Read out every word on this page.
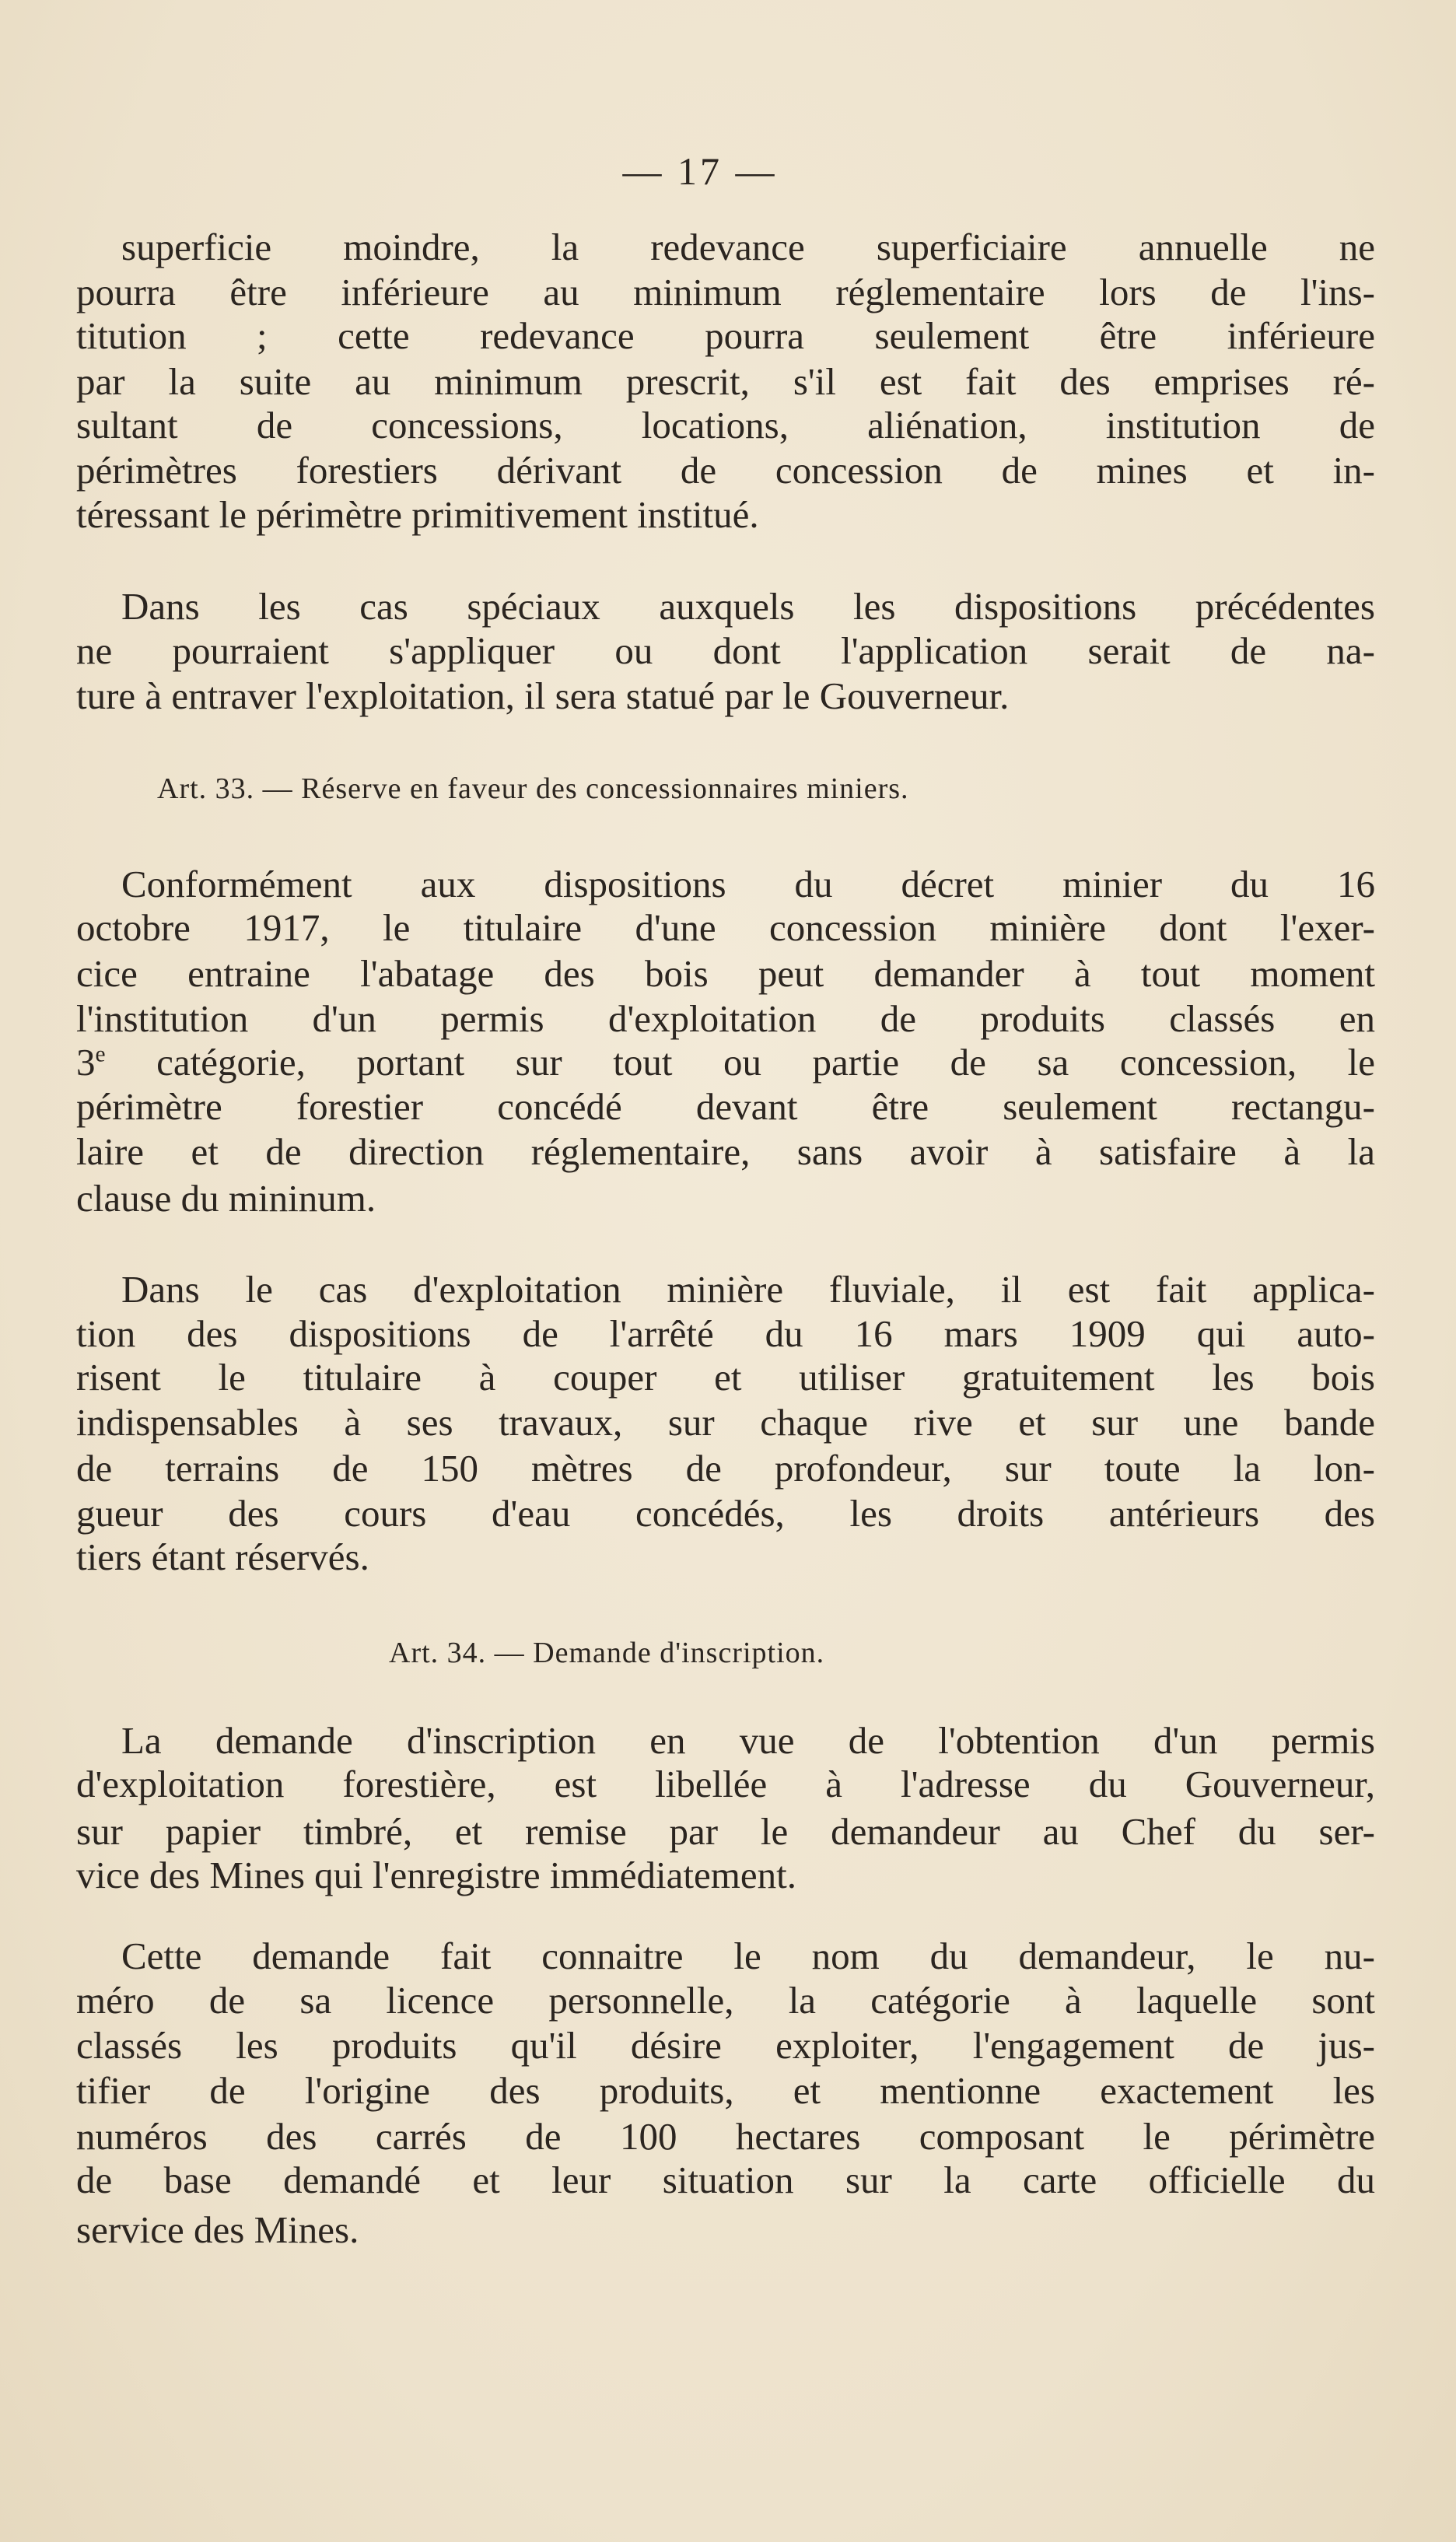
— 17 —
superficie moindre, la redevance superficiaire annuelle ne
pourra être inférieure au minimum réglementaire lors de l'ins-
titution ; cette redevance pourra seulement être inférieure
par la suite au minimum prescrit, s'il est fait des emprises ré-
sultant de concessions, locations, aliénation, institution de
périmètres forestiers dérivant de concession de mines et in-
téressant le périmètre primitivement institué.
Dans les cas spéciaux auxquels les dispositions précédentes
ne pourraient s'appliquer ou dont l'application serait de na-
ture à entraver l'exploitation, il sera statué par le Gouverneur.
Art. 33. — Réserve en faveur des concessionnaires miniers.
Conformément aux dispositions du décret minier du 16
octobre 1917, le titulaire d'une concession minière dont l'exer-
cice entraine l'abatage des bois peut demander à tout moment
l'institution d'un permis d'exploitation de produits classés en
3e catégorie, portant sur tout ou partie de sa concession, le
périmètre forestier concédé devant être seulement rectangu-
laire et de direction réglementaire, sans avoir à satisfaire à la
clause du mininum.
Dans le cas d'exploitation minière fluviale, il est fait applica-
tion des dispositions de l'arrêté du 16 mars 1909 qui auto-
risent le titulaire à couper et utiliser gratuitement les bois
indispensables à ses travaux, sur chaque rive et sur une bande
de terrains de 150 mètres de profondeur, sur toute la lon-
gueur des cours d'eau concédés, les droits antérieurs des
tiers étant réservés.
Art. 34. — Demande d'inscription.
La demande d'inscription en vue de l'obtention d'un permis
d'exploitation forestière, est libellée à l'adresse du Gouverneur,
sur papier timbré, et remise par le demandeur au Chef du ser-
vice des Mines qui l'enregistre immédiatement.
Cette demande fait connaitre le nom du demandeur, le nu-
méro de sa licence personnelle, la catégorie à laquelle sont
classés les produits qu'il désire exploiter, l'engagement de jus-
tifier de l'origine des produits, et mentionne exactement les
numéros des carrés de 100 hectares composant le périmètre
de base demandé et leur situation sur la carte officielle du
service des Mines.
